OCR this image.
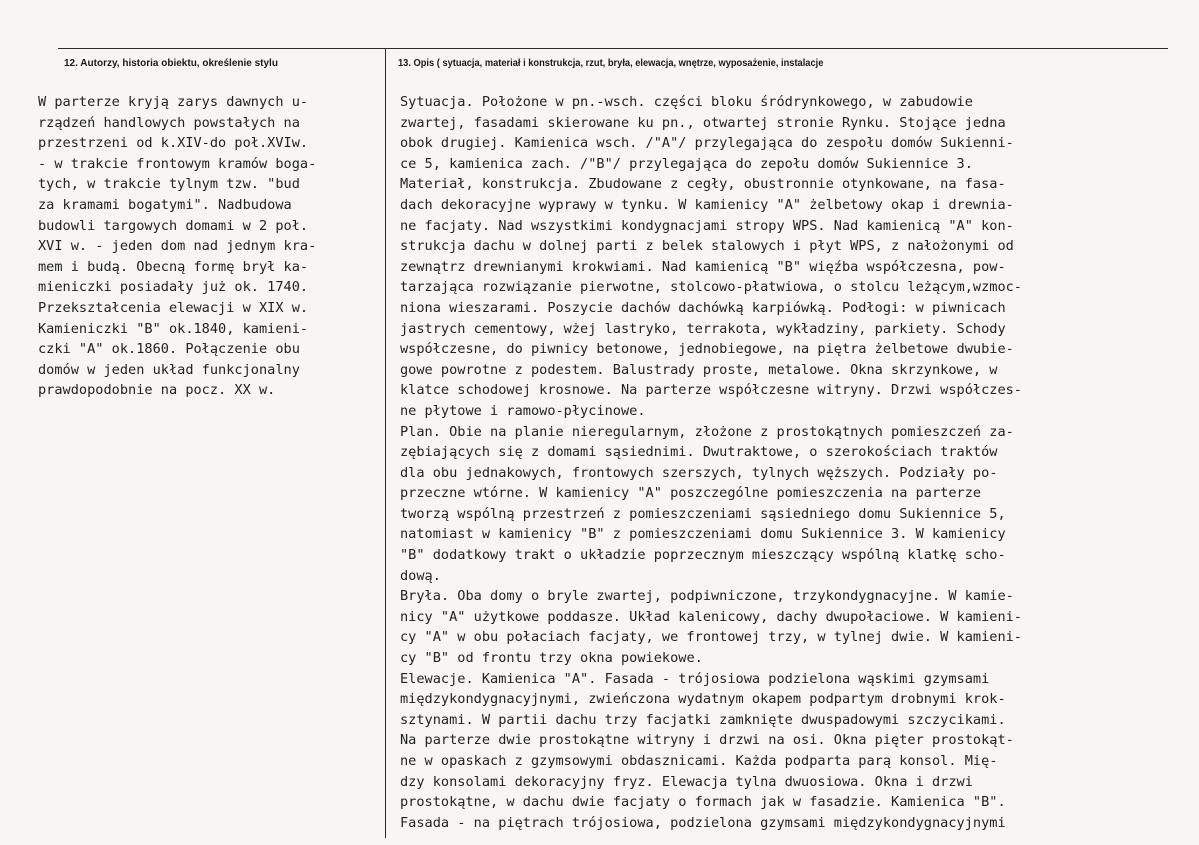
12. Autorzy, historia obiektu, określenie stylu	13. Opis ( sytuacja, materiał i konstrukcja, rzut, bryła, elewacja, wnętrze, wyposażenie, instalacje
W parterze kryją zarys dawnych u-
rządzeń handlowych powstałych na
przestrzeni od k.XIV-do poł.XVIw.
- w trakcie frontowym kramów boga-
tych, w trakcie tylnym tzw. "bud
za kramami bogatymi". Nadbudowa
budowli targowych domami w 2 poł.
XVI w. - jeden dom nad jednym kra-
mem i budą. Obecną formę brył ka-
mieniczki posiadały już ok. 1740.
Przekształcenia elewacji w XIX w.
Kamieniczki "B" ok.1840, kamieni-
czki "A" ok.1860. Połączenie obu
domów w jeden układ funkcjonalny
prawdopodobnie na pocz. XX w.
Sytuacja. Położone w pn.-wsch. części bloku śródrynkowego, w zabudowie
zwartej, fasadami skierowane ku pn., otwartej stronie Rynku. Stojące jedna
obok drugiej. Kamienica wsch. /"A"/ przylegająca do zespołu domów Sukienni-
ce 5, kamienica zach. /"B"/ przylegająca do zepołu domów Sukiennice 3.
Materiał, konstrukcja. Zbudowane z cegły, obustronnie otynkowane, na fasa-
dach dekoracyjne wyprawy w tynku. W kamienicy "A" żelbetowy okap i drewnia-
ne facjaty. Nad wszystkimi kondygnacjami stropy WPS. Nad kamienicą "A" kon-
strukcja dachu w dolnej parti z belek stalowych i płyt WPS, z nałożonymi od
zewnątrz drewnianymi krokwiami. Nad kamienicą "B" więźba współczesna, pow-
tarzająca rozwiązanie pierwotne, stolcowo-płatwiowa, o stolcu leżącym,wzmoc-
niona wieszarami. Poszycie dachów dachówką karpiówką. Podłogi: w piwnicach
jastrych cementowy, wżej lastryko, terrakota, wykładziny, parkiety. Schody
współczesne, do piwnicy betonowe, jednobiegowe, na piętra żelbetowe dwubie-
gowe powrotne z podestem. Balustrady proste, metalowe. Okna skrzynkowe, w
klatce schodowej krosnowe. Na parterze współczesne witryny. Drzwi współczes-
ne płytowe i ramowo-płycinowe.
Plan. Obie na planie nieregularnym, złożone z prostokątnych pomieszczeń za-
zębiających się z domami sąsiednimi. Dwutraktowe, o szerokościach traktów
dla obu jednakowych, frontowych szerszych, tylnych węższych. Podziały po-
przeczne wtórne. W kamienicy "A" poszczególne pomieszczenia na parterze
tworzą wspólną przestrzeń z pomieszczeniami sąsiedniego domu Sukiennice 5,
natomiast w kamienicy "B" z pomieszczeniami domu Sukiennice 3. W kamienicy
"B" dodatkowy trakt o układzie poprzecznym mieszczący wspólną klatkę scho-
dową.
Bryła. Oba domy o bryle zwartej, podpiwniczone, trzykondygnacyjne. W kamie-
nicy "A" użytkowe poddasze. Układ kalenicowy, dachy dwupołaciowe. W kamieni-
cy "A" w obu połaciach facjaty, we frontowej trzy, w tylnej dwie. W kamieni-
cy "B" od frontu trzy okna powiekowe.
Elewacje. Kamienica "A". Fasada - trójosiowa podzielona wąskimi gzymsami
międzykondygnacyjnymi, zwieńczona wydatnym okapem podpartym drobnymi krok-
sztynami. W partii dachu trzy facjatki zamknięte dwuspadowymi szczycikami.
Na parterze dwie prostokątne witryny i drzwi na osi. Okna pięter prostokąt-
ne w opaskach z gzymsowymi obdasznicami. Każda podparta parą konsol. Mię-
dzy konsolami dekoracyjny fryz. Elewacja tylna dwuosiowa. Okna i drzwi
prostokątne, w dachu dwie facjaty o formach jak w fasadzie. Kamienica "B".
Fasada - na piętrach trójosiowa, podzielona gzymsami międzykondygnacyjnymi
